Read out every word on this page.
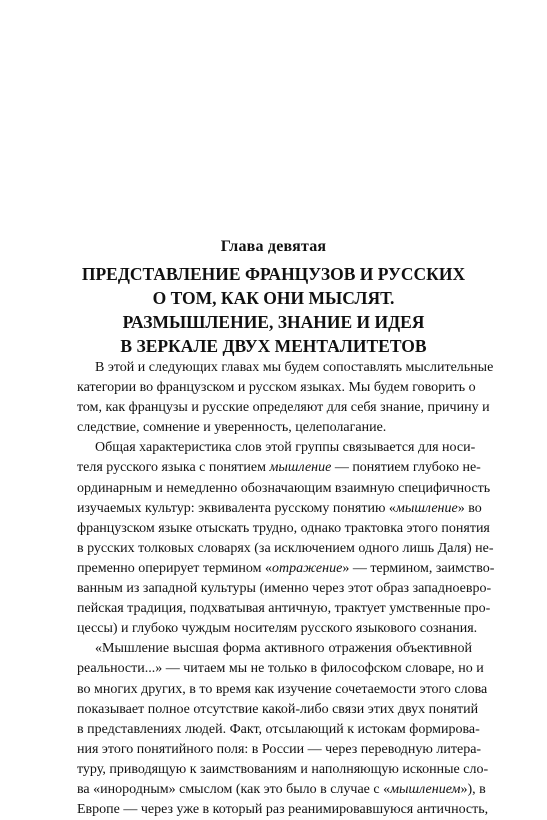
Глава девятая
ПРЕДСТАВЛЕНИЕ ФРАНЦУЗОВ И РУССКИХ
О ТОМ, КАК ОНИ МЫСЛЯТ.
РАЗМЫШЛЕНИЕ, ЗНАНИЕ И ИДЕЯ
В ЗЕРКАЛЕ ДВУХ МЕНТАЛИТЕТОВ
В этой и следующих главах мы будем сопоставлять мыслительные
категории во французском и русском языках. Мы будем говорить о
том, как французы и русские определяют для себя знание, причину и
следствие, сомнение и уверенность, целеполагание.
Общая характеристика слов этой группы связывается для носи-
теля русского языка с понятием мышление — понятием глубоко не-
ординарным и немедленно обозначающим взаимную специфичность
изучаемых культур: эквивалента русскому понятию «мышление» во
французском языке отыскать трудно, однако трактовка этого понятия
в русских толковых словарях (за исключением одного лишь Даля) не-
пременно оперирует термином «отражение» — термином, заимство-
ванным из западной культуры (именно через этот образ западноевро-
пейская традиция, подхватывая античную, трактует умственные про-
цессы) и глубоко чуждым носителям русского языкового сознания.
«Мышление высшая форма активного отражения объективной
реальности...» — читаем мы не только в философском словаре, но и
во многих других, в то время как изучение сочетаемости этого слова
показывает полное отсутствие какой-либо связи этих двух понятий
в представлениях людей. Факт, отсылающий к истокам формирова-
ния этого понятийного поля: в России — через переводную литера-
туру, приводящую к заимствованиям и наполняющую исконные сло-
ва «инородным» смыслом (как это было в случае с «мышлением»), в
Европе — через уже в который раз реанимировавшуюся античность,
